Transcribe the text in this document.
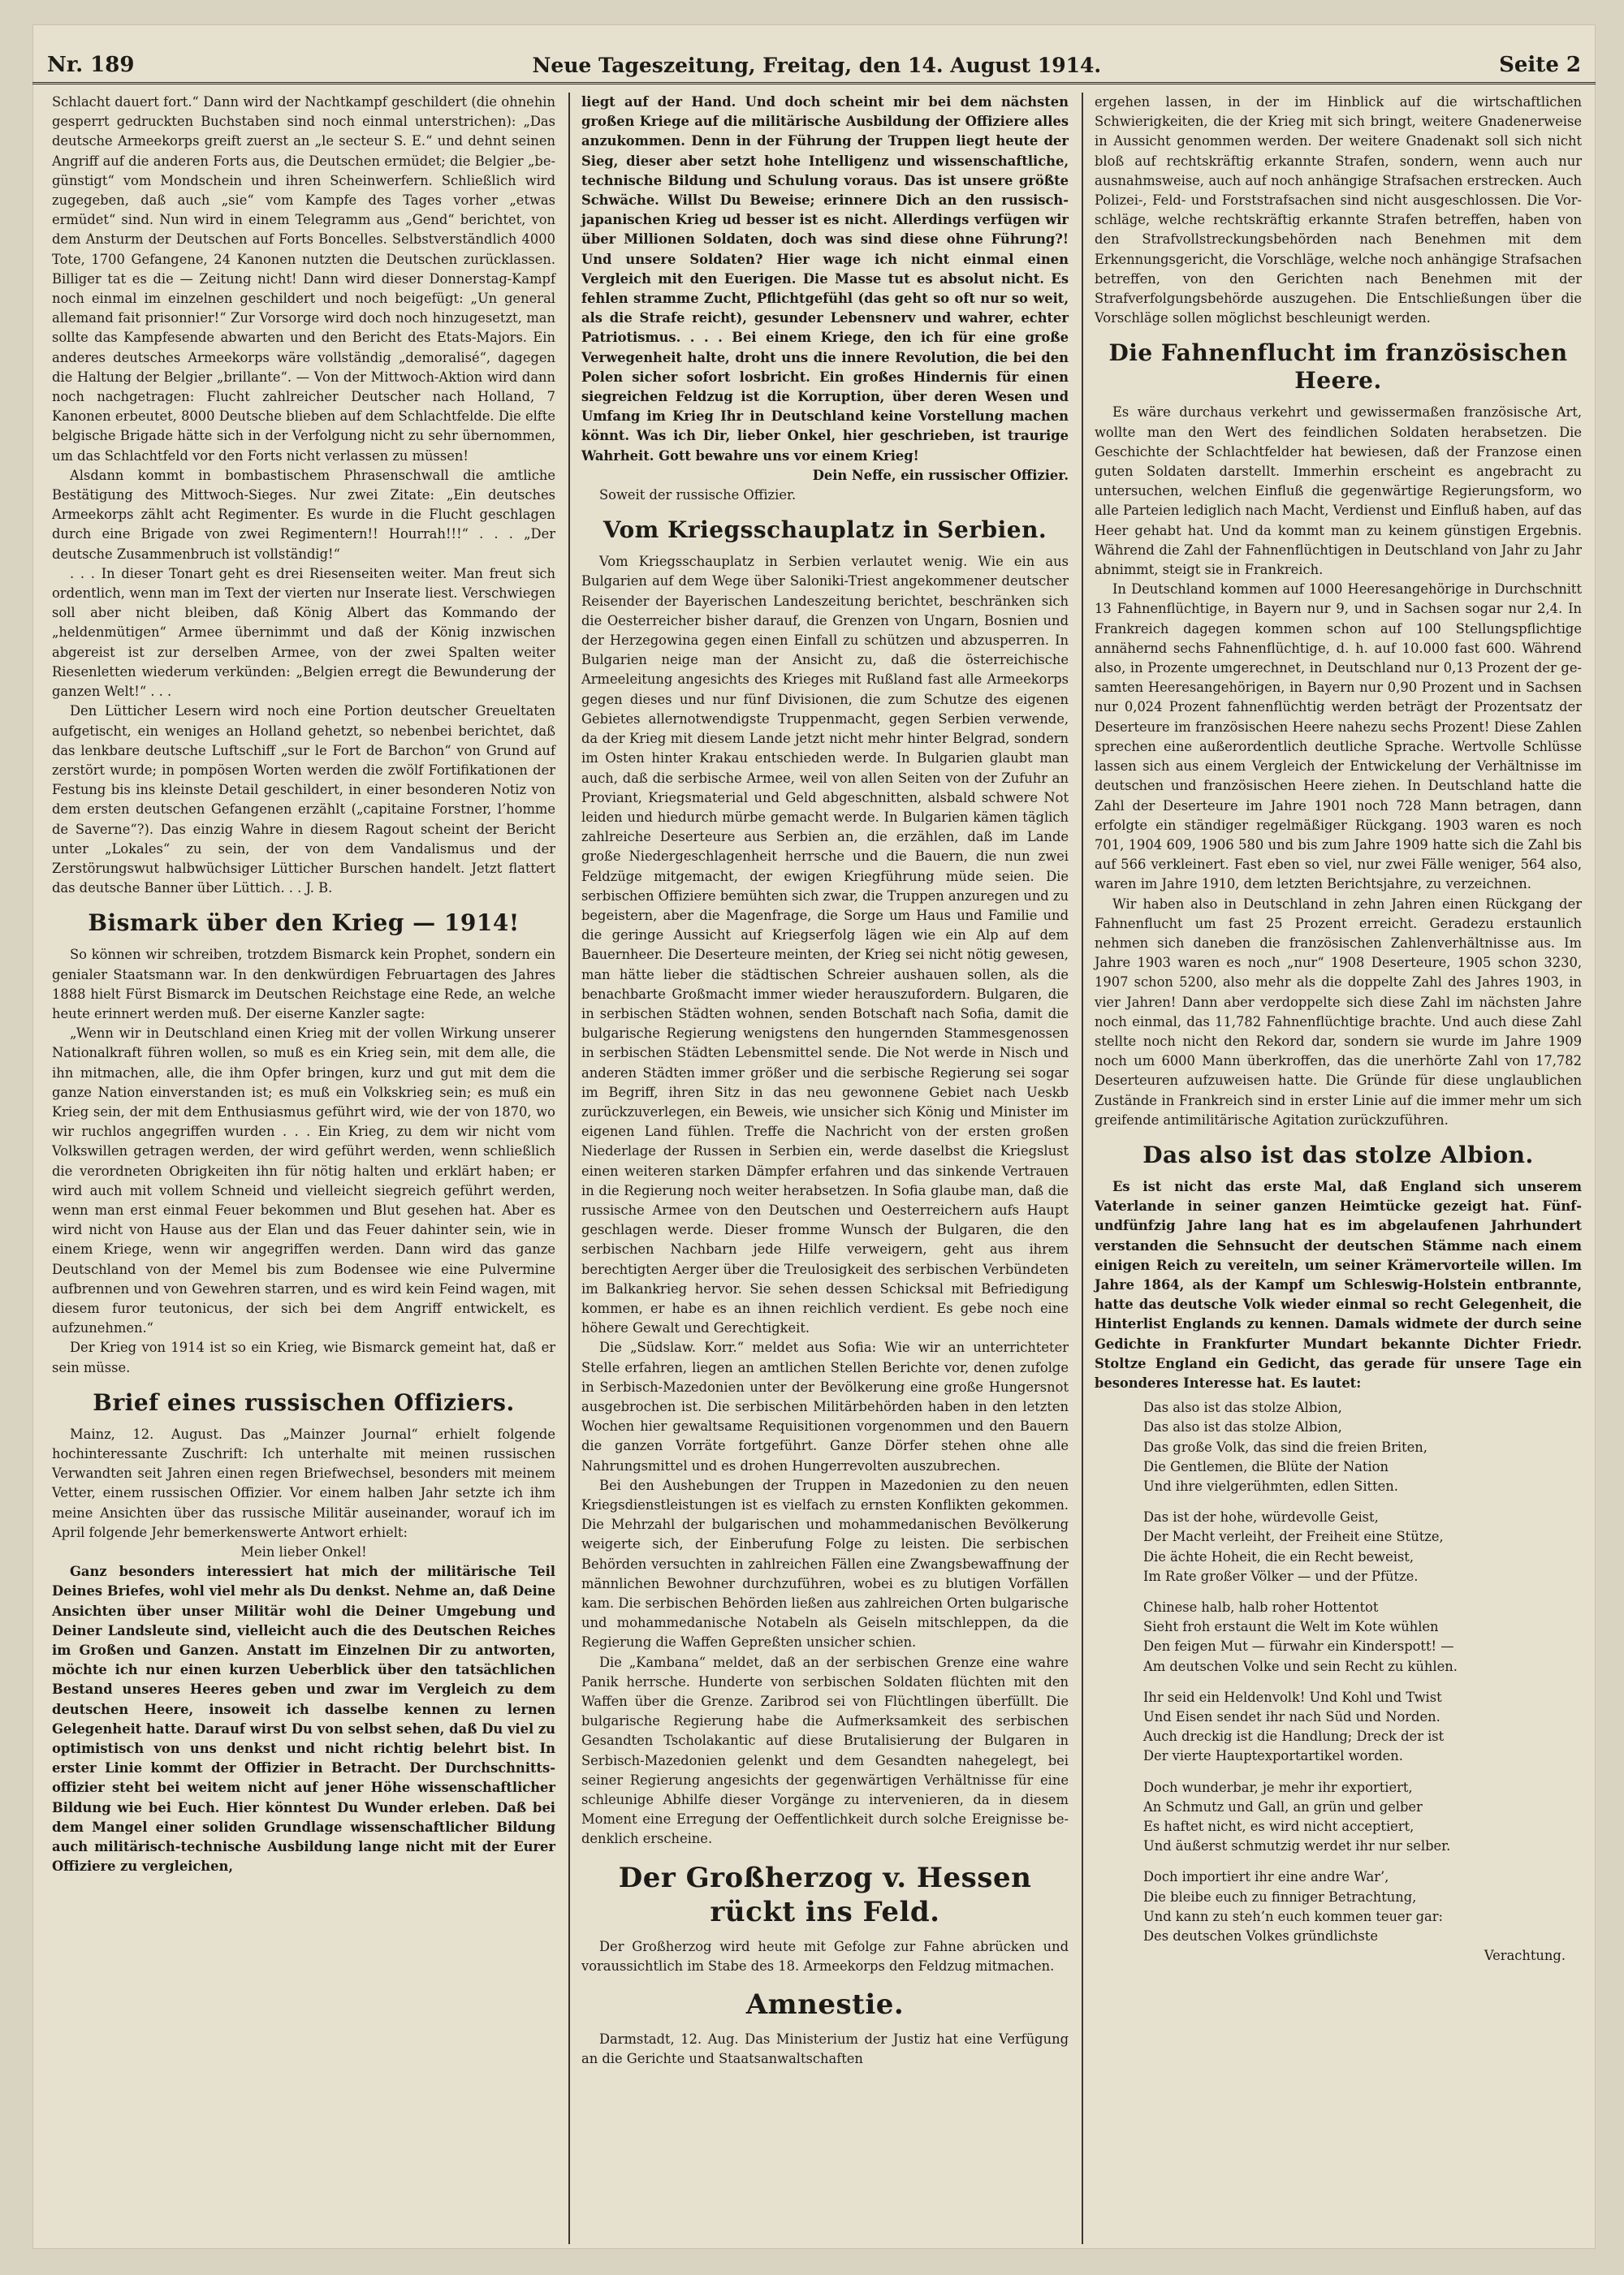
Nr. 189	Neue Tageszeitung, Freitag, den 14. August 1914.	Seite 2

Schlacht dauert fort.“ Dann wird der Nachtkampf geschildert (die ohnehin gesperrt gedruckten Buchstaben sind noch einmal unterstrichen): „Das deutsche Armeekorps greift zuerst an „le secteur S. E.“ und dehnt seinen Angriff auf die anderen Forts aus, die Deutschen ermüdet; die Belgier „begünstigt“ vom Mondschein und ihren Scheinwerfern. Schließlich wird zugegeben, daß auch „sie“ vom Kampfe des Tages vorher „etwas ermüdet“ sind. Nun wird in einem Telegramm aus „Gend“ berichtet, von dem Ansturm der Deutschen auf Forts Boncelles. Selbstverständlich 4000 Tote, 1700 Gefangene, 24 Kanonen nutzten die Deutschen zurücklassen. Billiger tat es die — Zeitung nicht! Dann wird dieser Donnerstag-Kampf noch einmal im einzelnen geschildert und noch beigefügt: „Un general allemand fait prisonnier!“ Zur Vorsorge wird doch noch hinzugesetzt, man sollte das Kampfesende abwarten und den Bericht des Etats-Majors. Ein anderes deutsches Armeekorps wäre vollständig „demoralisé“, dagegen die Haltung der Belgier „brillante“. — Von der Mittwoch-Aktion wird dann noch nachgetragen: Flucht zahlreicher Deutscher nach Holland, 7 Kanonen erbeutet, 8000 Deutsche blieben auf dem Schlachtfelde. Die elfte belgische Brigade hätte sich in der Verfolgung nicht zu sehr übernommen, um das Schlachtfeld vor den Forts nicht verlassen zu müssen!

Alsdann kommt in bombastischem Phrasenschwall die amtliche Bestätigung des Mittwoch-Sieges. Nur zwei Zitate: „Ein deutsches Armeekorps zählt acht Regimenter. Es wurde in die Flucht geschlagen durch eine Brigade von zwei Regimentern!! Hourrah!!!“ . . . „Der deutsche Zusammenbruch ist vollständig!“

. . . In dieser Tonart geht es drei Riesenseiten weiter. Man freut sich ordentlich, wenn man im Text der vierten nur Inserate liest. Verschwiegen soll aber nicht bleiben, daß König Albert das Kommando der „heldenmütigen“ Armee übernimmt und daß der König inzwischen abgereist ist zur derselben Armee, von der zwei Spalten weiter Riesenletten wiederum verkünden: „Belgien erregt die Bewunderung der ganzen Welt!“ . . .

Den Lütticher Lesern wird noch eine Portion deutscher Greueltaten aufgetischt, ein weniges an Holland gehetzt, so nebenbei berichtet, daß das lenkbare deutsche Luftschiff „sur le Fort de Barchon“ von Grund auf zerstört wurde; in pompösen Worten werden die zwölf Fortifikationen der Festung bis ins kleinste Detail geschildert, in einer besonderen Notiz von dem ersten deutschen Gefangenen erzählt („capitaine Forstner, l’homme de Saverne“?). Das einzig Wahre in diesem Ragout scheint der Bericht unter „Lokales“ zu sein, der von dem Vandalismus und der Zerstörungswut halbwüchsiger Lütticher Burschen handelt. Jetzt flattert das deutsche Banner über Lüttich. . . J. B.

Bismark über den Krieg — 1914!

So können wir schreiben, trotzdem Bismarck kein Prophet, sondern ein genialer Staatsmann war. In den denkwürdigen Februartagen des Jahres 1888 hielt Fürst Bismarck im Deutschen Reichstage eine Rede, an welche heute erinnert werden muß. Der eiserne Kanzler sagte:

„Wenn wir in Deutschland einen Krieg mit der vollen Wirkung unserer Nationalkraft führen wollen, so muß es ein Krieg sein, mit dem alle, die ihn mitmachen, alle, die ihm Opfer bringen, kurz und gut mit dem die ganze Nation einverstanden ist; es muß ein Volkskrieg sein; es muß ein Krieg sein, der mit dem Enthusiasmus geführt wird, wie der von 1870, wo wir ruchlos angegriffen wurden . . . Ein Krieg, zu dem wir nicht vom Volkswillen getragen werden, der wird geführt werden, wenn schließlich die verordneten Obrigkeiten ihn für nötig halten und erklärt haben; er wird auch mit vollem Schneid und vielleicht siegreich geführt werden, wenn man erst einmal Feuer bekommen und Blut gesehen hat. Aber es wird nicht von Hause aus der Elan und das Feuer dahinter sein, wie in einem Kriege, wenn wir angegriffen werden. Dann wird das ganze Deutschland von der Memel bis zum Bodensee wie eine Pulvermine aufbrennen und von Gewehren starren, und es wird kein Feind wagen, mit diesem furor teutonicus, der sich bei dem Angriff entwickelt, es aufzunehmen.“

Der Krieg von 1914 ist so ein Krieg, wie Bismarck gemeint hat, daß er sein müsse.

Brief eines russischen Offiziers.

Mainz, 12. August. Das „Mainzer Journal“ erhielt folgende hochinteressante Zuschrift: Ich unterhalte mit meinen russischen Verwandten seit Jahren einen regen Briefwechsel, besonders mit meinem Vetter, einem russischen Offizier. Vor einem halben Jahr setzte ich ihm meine Ansichten über das russische Militär auseinander, worauf ich im April folgende Jehr bemerkenswerte Antwort erhielt:

Mein lieber Onkel!

Ganz besonders interessiert hat mich der militärische Teil Deines Briefes, wohl viel mehr als Du denkst. Nehme an, daß Deine Ansichten über unser Militär wohl die Deiner Umgebung und Deiner Landsleute sind, vielleicht auch die des Deutschen Reiches im Großen und Ganzen. Anstatt im Einzelnen Dir zu antworten, möchte ich nur einen kurzen Ueberblick über den tatsächlichen Bestand unseres Heeres geben und zwar im Vergleich zu dem deutschen Heere, insoweit ich dasselbe kennen zu lernen Gelegenheit hatte. Darauf wirst Du von selbst sehen, daß Du viel zu optimistisch von uns denkst und nicht richtig belehrt bist. In erster Linie kommt der Offizier in Betracht. Der Durchschnittsoffizier steht bei weitem nicht auf jener Höhe wissenschaftlicher Bildung wie bei Euch. Hier könntest Du Wunder erleben. Daß bei dem Mangel einer soliden Grundlage wissenschaftlicher Bildung auch militärisch-technische Ausbildung lange nicht mit der Eurer Offiziere zu vergleichen,

liegt auf der Hand. Und doch scheint mir bei dem nächsten großen Kriege auf die militärische Ausbildung der Offiziere alles anzukommen. Denn in der Führung der Truppen liegt heute der Sieg, dieser aber setzt hohe Intelligenz und wissenschaftliche, technische Bildung und Schulung voraus. Das ist unsere größte Schwäche. Willst Du Beweise; erinnere Dich an den russisch-japanischen Krieg ud besser ist es nicht. Allerdings verfügen wir über Millionen Soldaten, doch was sind diese ohne Führung?! Und unsere Soldaten? Hier wage ich nicht einmal einen Vergleich mit den Euerigen. Die Masse tut es absolut nicht. Es fehlen stramme Zucht, Pflichtgefühl (das geht so oft nur so weit, als die Strafe reicht), gesunder Lebensnerv und wahrer, echter Patriotismus. . . . Bei einem Kriege, den ich für eine große Verwegenheit halte, droht uns die innere Revolution, die bei den Polen sicher sofort losbricht. Ein großes Hindernis für einen siegreichen Feldzug ist die Korruption, über deren Wesen und Umfang im Krieg Ihr in Deutschland keine Vorstellung machen könnt. Was ich Dir, lieber Onkel, hier geschrieben, ist traurige Wahrheit. Gott bewahre uns vor einem Krieg!

Dein Neffe, ein russischer Offizier.

Soweit der russische Offizier.

Vom Kriegsschauplatz in Serbien.

Vom Kriegsschauplatz in Serbien verlautet wenig. Wie ein aus Bulgarien auf dem Wege über Saloniki-Triest angekommener deutscher Reisender der Bayerischen Landeszeitung berichtet, beschränken sich die Oesterreicher bisher darauf, die Grenzen von Ungarn, Bosnien und der Herzegowina gegen einen Einfall zu schützen und abzusperren. In Bulgarien neige man der Ansicht zu, daß die österreichische Armeeleitung angesichts des Krieges mit Rußland fast alle Armeekorps gegen dieses und nur fünf Divisionen, die zum Schutze des eigenen Gebietes allernotwendigste Truppenmacht, gegen Serbien verwende, da der Krieg mit diesem Lande jetzt nicht mehr hinter Belgrad, sondern im Osten hinter Krakau entschieden werde. In Bulgarien glaubt man auch, daß die serbische Armee, weil von allen Seiten von der Zufuhr an Proviant, Kriegsmaterial und Geld abgeschnitten, alsbald schwere Not leiden und hiedurch mürbe gemacht werde. In Bulgarien kämen täglich zahlreiche Deserteure aus Serbien an, die erzählen, daß im Lande große Niedergeschlagenheit herrsche und die Bauern, die nun zwei Feldzüge mitgemacht, der ewigen Kriegführung müde seien. Die serbischen Offiziere bemühten sich zwar, die Truppen anzuregen und zu begeistern, aber die Magenfrage, die Sorge um Haus und Familie und die geringe Aussicht auf Kriegserfolg lägen wie ein Alp auf dem Bauernheer. Die Deserteure meinten, der Krieg sei nicht nötig gewesen, man hätte lieber die städtischen Schreier aushauen sollen, als die benachbarte Großmacht immer wieder herauszufordern. Bulgaren, die in serbischen Städten wohnen, senden Botschaft nach Sofia, damit die bulgarische Regierung wenigstens den hungernden Stammesgenossen in serbischen Städten Lebensmittel sende. Die Not werde in Nisch und anderen Städten immer größer und die serbische Regierung sei sogar im Begriff, ihren Sitz in das neu gewonnene Gebiet nach Ueskb zurückzuverlegen, ein Beweis, wie unsicher sich König und Minister im eigenen Land fühlen. Treffe die Nachricht von der ersten großen Niederlage der Russen in Serbien ein, werde daselbst die Kriegslust einen weiteren starken Dämpfer erfahren und das sinkende Vertrauen in die Regierung noch weiter herabsetzen. In Sofia glaube man, daß die russische Armee von den Deutschen und Oesterreichern aufs Haupt geschlagen werde. Dieser fromme Wunsch der Bulgaren, die den serbischen Nachbarn jede Hilfe verweigern, geht aus ihrem berechtigten Aerger über die Treulosigkeit des serbischen Verbündeten im Balkankrieg hervor. Sie sehen dessen Schicksal mit Befriedigung kommen, er habe es an ihnen reichlich verdient. Es gebe noch eine höhere Gewalt und Gerechtigkeit.

Die „Südslaw. Korr.“ meldet aus Sofia: Wie wir an unterrichteter Stelle erfahren, liegen an amtlichen Stellen Berichte vor, denen zufolge in Serbisch-Mazedonien unter der Bevölkerung eine große Hungersnot ausgebrochen ist. Die serbischen Militärbehörden haben in den letzten Wochen hier gewaltsame Requisitionen vorgenommen und den Bauern die ganzen Vorräte fortgeführt. Ganze Dörfer stehen ohne alle Nahrungsmittel und es drohen Hungerrevolten auszubrechen.

Bei den Aushebungen der Truppen in Mazedonien zu den neuen Kriegsdienstleistungen ist es vielfach zu ernsten Konflikten gekommen. Die Mehrzahl der bulgarischen und mohammedanischen Bevölkerung weigerte sich, der Einberufung Folge zu leisten. Die serbischen Behörden versuchten in zahlreichen Fällen eine Zwangsbewaffnung der männlichen Bewohner durchzuführen, wobei es zu blutigen Vorfällen kam. Die serbischen Behörden ließen aus zahlreichen Orten bulgarische und mohammedanische Notabeln als Geiseln mitschleppen, da die Regierung die Waffen Gepreßten unsicher schien.

Die „Kambana“ meldet, daß an der serbischen Grenze eine wahre Panik herrsche. Hunderte von serbischen Soldaten flüchten mit den Waffen über die Grenze. Zaribrod sei von Flüchtlingen überfüllt. Die bulgarische Regierung habe die Aufmerksamkeit des serbischen Gesandten Tscholakantic auf diese Brutalisierung der Bulgaren in Serbisch-Mazedonien gelenkt und dem Gesandten nahegelegt, bei seiner Regierung angesichts der gegenwärtigen Verhältnisse für eine schleunige Abhilfe dieser Vorgänge zu intervenieren, da in diesem Moment eine Erregung der Oeffentlichkeit durch solche Ereignisse bedenklich erscheine.

Der Großherzog v. Hessen rückt ins Feld.

Der Großherzog wird heute mit Gefolge zur Fahne abrücken und voraussichtlich im Stabe des 18. Armeekorps den Feldzug mitmachen.

Amnestie.

Darmstadt, 12. Aug. Das Ministerium der Justiz hat eine Verfügung an die Gerichte und Staatsanwaltschaften

ergehen lassen, in der im Hinblick auf die wirtschaftlichen Schwierigkeiten, die der Krieg mit sich bringt, weitere Gnadenerweise in Aussicht genommen werden. Der weitere Gnadenakt soll sich nicht bloß auf rechtskräftig erkannte Strafen, sondern, wenn auch nur ausnahmsweise, auch auf noch anhängige Strafsachen erstrecken. Auch Polizei-, Feld- und Forststrafsachen sind nicht ausgeschlossen. Die Vorschläge, welche rechtskräftig erkannte Strafen betreffen, haben von den Strafvollstreckungsbehörden nach Benehmen mit dem Erkennungsgericht, die Vorschläge, welche noch anhängige Strafsachen betreffen, von den Gerichten nach Benehmen mit der Strafverfolgungsbehörde auszugehen. Die Entschließungen über die Vorschläge sollen möglichst beschleunigt werden.

Die Fahnenflucht im französischen Heere.

Es wäre durchaus verkehrt und gewissermaßen französische Art, wollte man den Wert des feindlichen Soldaten herabsetzen. Die Geschichte der Schlachtfelder hat bewiesen, daß der Franzose einen guten Soldaten darstellt. Immerhin erscheint es angebracht zu untersuchen, welchen Einfluß die gegenwärtige Regierungsform, wo alle Parteien lediglich nach Macht, Verdienst und Einfluß haben, auf das Heer gehabt hat. Und da kommt man zu keinem günstigen Ergebnis. Während die Zahl der Fahnenflüchtigen in Deutschland von Jahr zu Jahr abnimmt, steigt sie in Frankreich.

In Deutschland kommen auf 1000 Heeresangehörige in Durchschnitt 13 Fahnenflüchtige, in Bayern nur 9, und in Sachsen sogar nur 2,4. In Frankreich dagegen kommen schon auf 100 Stellungspflichtige annähernd sechs Fahnenflüchtige, d. h. auf 10.000 fast 600. Während also, in Prozente umgerechnet, in Deutschland nur 0,13 Prozent der gesamten Heeresangehörigen, in Bayern nur 0,90 Prozent und in Sachsen nur 0,024 Prozent fahnenflüchtig werden beträgt der Prozentsatz der Deserteure im französischen Heere nahezu sechs Prozent! Diese Zahlen sprechen eine außerordentlich deutliche Sprache. Wertvolle Schlüsse lassen sich aus einem Vergleich der Entwickelung der Verhältnisse im deutschen und französischen Heere ziehen. In Deutschland hatte die Zahl der Deserteure im Jahre 1901 noch 728 Mann betragen, dann erfolgte ein ständiger regelmäßiger Rückgang. 1903 waren es noch 701, 1904 609, 1906 580 und bis zum Jahre 1909 hatte sich die Zahl bis auf 566 verkleinert. Fast eben so viel, nur zwei Fälle weniger, 564 also, waren im Jahre 1910, dem letzten Berichtsjahre, zu verzeichnen.

Wir haben also in Deutschland in zehn Jahren einen Rückgang der Fahnenflucht um fast 25 Prozent erreicht. Geradezu erstaunlich nehmen sich daneben die französischen Zahlenverhältnisse aus. Im Jahre 1903 waren es noch „nur“ 1908 Deserteure, 1905 schon 3230, 1907 schon 5200, also mehr als die doppelte Zahl des Jahres 1903, in vier Jahren! Dann aber verdoppelte sich diese Zahl im nächsten Jahre noch einmal, das 11,782 Fahnenflüchtige brachte. Und auch diese Zahl stellte noch nicht den Rekord dar, sondern sie wurde im Jahre 1909 noch um 6000 Mann überkroffen, das die unerhörte Zahl von 17,782 Deserteuren aufzuweisen hatte. Die Gründe für diese unglaublichen Zustände in Frankreich sind in erster Linie auf die immer mehr um sich greifende antimilitärische Agitation zurückzuführen.

Das also ist das stolze Albion.

Es ist nicht das erste Mal, daß England sich unserem Vaterlande in seiner ganzen Heimtücke gezeigt hat. Fünfundfünfzig Jahre lang hat es im abgelaufenen Jahrhundert verstanden die Sehnsucht der deutschen Stämme nach einem einigen Reich zu vereiteln, um seiner Krämervorteile willen. Im Jahre 1864, als der Kampf um Schleswig-Holstein entbrannte, hatte das deutsche Volk wieder einmal so recht Gelegenheit, die Hinterlist Englands zu kennen. Damals widmete der durch seine Gedichte in Frankfurter Mundart bekannte Dichter Friedr. Stoltze England ein Gedicht, das gerade für unsere Tage ein besonderes Interesse hat. Es lautet:

Das also ist das stolze Albion,
Das also ist das stolze Albion,
Das große Volk, das sind die freien Briten,
Die Gentlemen, die Blüte der Nation
Und ihre vielgerühmten, edlen Sitten.
Das ist der hohe, würdevolle Geist,
Der Macht verleiht, der Freiheit eine Stütze,
Die ächte Hoheit, die ein Recht beweist,
Im Rate großer Völker — und der Pfütze.
Chinese halb, halb roher Hottentot
Sieht froh erstaunt die Welt im Kote wühlen
Den feigen Mut — fürwahr ein Kinderspott! —
Am deutschen Volke und sein Recht zu kühlen.
Ihr seid ein Heldenvolk! Und Kohl und Twist
Und Eisen sendet ihr nach Süd und Norden.
Auch dreckig ist die Handlung; Dreck der ist
Der vierte Hauptexportartikel worden.
Doch wunderbar, je mehr ihr exportiert,
An Schmutz und Gall, an grün und gelber
Es haftet nicht, es wird nicht acceptiert,
Und äußerst schmutzig werdet ihr nur selber.
Doch importiert ihr eine andre War’,
Die bleibe euch zu finniger Betrachtung,
Und kann zu steh’n euch kommen teuer gar:
Des deutschen Volkes gründlichste
Verachtung.
